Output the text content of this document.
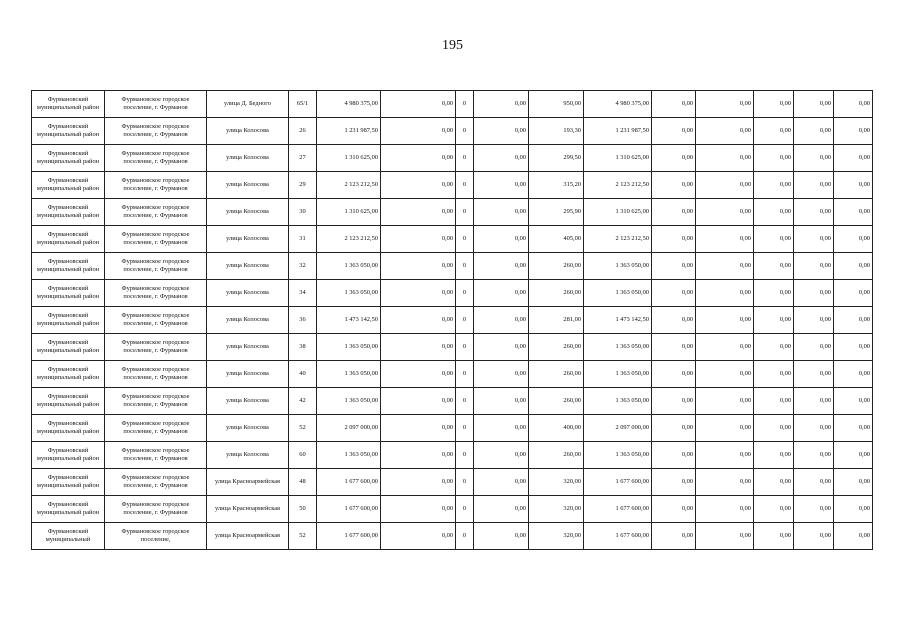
195
Фурмановский муниципальный район	Фурмановское городское поселение, г. Фурманов	улица Д. Бедного	65/1	4 980 375,00	0,00	0	0,00	950,00	4 980 375,00	0,00	0,00	0,00	0,00	0,00
Фурмановский муниципальный район	Фурмановское городское поселение, г. Фурманов	улица Колосова	26	1 231 987,50	0,00	0	0,00	193,30	1 231 987,50	0,00	0,00	0,00	0,00	0,00
Фурмановский муниципальный район	Фурмановское городское поселение, г. Фурманов	улица Колосова	27	1 310 625,00	0,00	0	0,00	299,50	1 310 625,00	0,00	0,00	0,00	0,00	0,00
Фурмановский муниципальный район	Фурмановское городское поселение, г. Фурманов	улица Колосова	29	2 123 212,50	0,00	0	0,00	315,20	2 123 212,50	0,00	0,00	0,00	0,00	0,00
Фурмановский муниципальный район	Фурмановское городское поселение, г. Фурманов	улица Колосова	30	1 310 625,00	0,00	0	0,00	295,90	1 310 625,00	0,00	0,00	0,00	0,00	0,00
Фурмановский муниципальный район	Фурмановское городское поселение, г. Фурманов	улица Колосова	31	2 123 212,50	0,00	0	0,00	405,00	2 123 212,50	0,00	0,00	0,00	0,00	0,00
Фурмановский муниципальный район	Фурмановское городское поселение, г. Фурманов	улица Колосова	32	1 363 050,00	0,00	0	0,00	260,00	1 363 050,00	0,00	0,00	0,00	0,00	0,00
Фурмановский муниципальный район	Фурмановское городское поселение, г. Фурманов	улица Колосова	34	1 363 050,00	0,00	0	0,00	260,00	1 363 050,00	0,00	0,00	0,00	0,00	0,00
Фурмановский муниципальный район	Фурмановское городское поселение, г. Фурманов	улица Колосова	36	1 473 142,50	0,00	0	0,00	281,00	1 473 142,50	0,00	0,00	0,00	0,00	0,00
Фурмановский муниципальный район	Фурмановское городское поселение, г. Фурманов	улица Колосова	38	1 363 050,00	0,00	0	0,00	260,00	1 363 050,00	0,00	0,00	0,00	0,00	0,00
Фурмановский муниципальный район	Фурмановское городское поселение, г. Фурманов	улица Колосова	40	1 363 050,00	0,00	0	0,00	260,00	1 363 050,00	0,00	0,00	0,00	0,00	0,00
Фурмановский муниципальный район	Фурмановское городское поселение, г. Фурманов	улица Колосова	42	1 363 050,00	0,00	0	0,00	260,00	1 363 050,00	0,00	0,00	0,00	0,00	0,00
Фурмановский муниципальный район	Фурмановское городское поселение, г. Фурманов	улица Колосова	52	2 097 000,00	0,00	0	0,00	400,00	2 097 000,00	0,00	0,00	0,00	0,00	0,00
Фурмановский муниципальный район	Фурмановское городское поселение, г. Фурманов	улица Колосова	60	1 363 050,00	0,00	0	0,00	260,00	1 363 050,00	0,00	0,00	0,00	0,00	0,00
Фурмановский муниципальный район	Фурмановское городское поселение, г. Фурманов	улица Красноармейская	48	1 677 600,00	0,00	0	0,00	320,00	1 677 600,00	0,00	0,00	0,00	0,00	0,00
Фурмановский муниципальный район	Фурмановское городское поселение, г. Фурманов	улица Красноармейская	50	1 677 600,00	0,00	0	0,00	320,00	1 677 600,00	0,00	0,00	0,00	0,00	0,00
Фурмановский муниципальный	Фурмановское городское поселение,	улица Красноармейская	52	1 677 600,00	0,00	0	0,00	320,00	1 677 600,00	0,00	0,00	0,00	0,00	0,00
